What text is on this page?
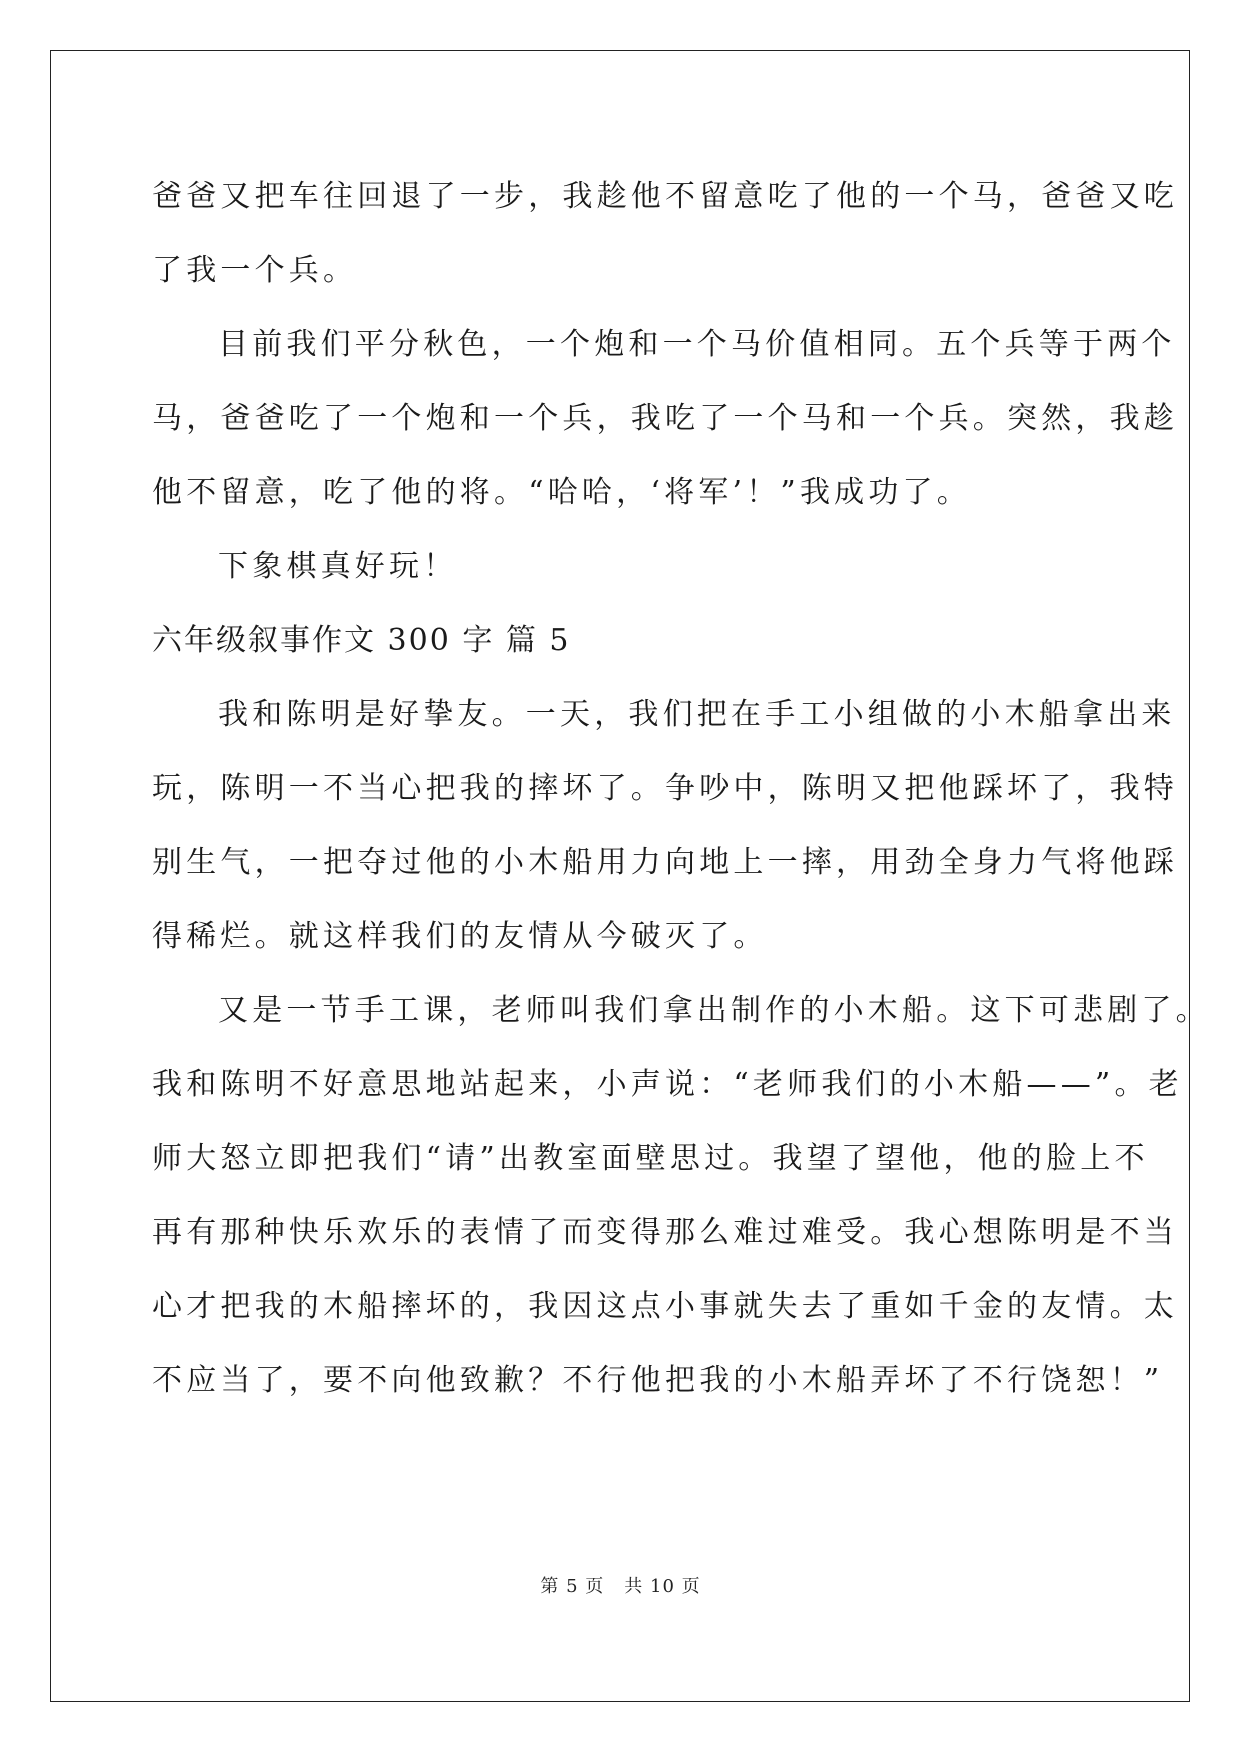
爸爸又把车往回退了一步，我趁他不留意吃了他的一个马，爸爸又吃
了我一个兵。
目前我们平分秋色，一个炮和一个马价值相同。五个兵等于两个
马，爸爸吃了一个炮和一个兵，我吃了一个马和一个兵。突然，我趁
他不留意，吃了他的将。“哈哈，‘将军’！”我成功了。
下象棋真好玩！
六年级叙事作文 300 字 篇 5
我和陈明是好挚友。一天，我们把在手工小组做的小木船拿出来
玩，陈明一不当心把我的摔坏了。争吵中，陈明又把他踩坏了，我特
别生气，一把夺过他的小木船用力向地上一摔，用劲全身力气将他踩
得稀烂。就这样我们的友情从今破灭了。
又是一节手工课，老师叫我们拿出制作的小木船。这下可悲剧了。
我和陈明不好意思地站起来，小声说：“老师我们的小木船——”。老
师大怒立即把我们“请”出教室面壁思过。我望了望他，他的脸上不
再有那种快乐欢乐的表情了而变得那么难过难受。我心想陈明是不当
心才把我的木船摔坏的，我因这点小事就失去了重如千金的友情。太
不应当了，要不向他致歉？不行他把我的小木船弄坏了不行饶恕！”
第 5 页 共 10 页
